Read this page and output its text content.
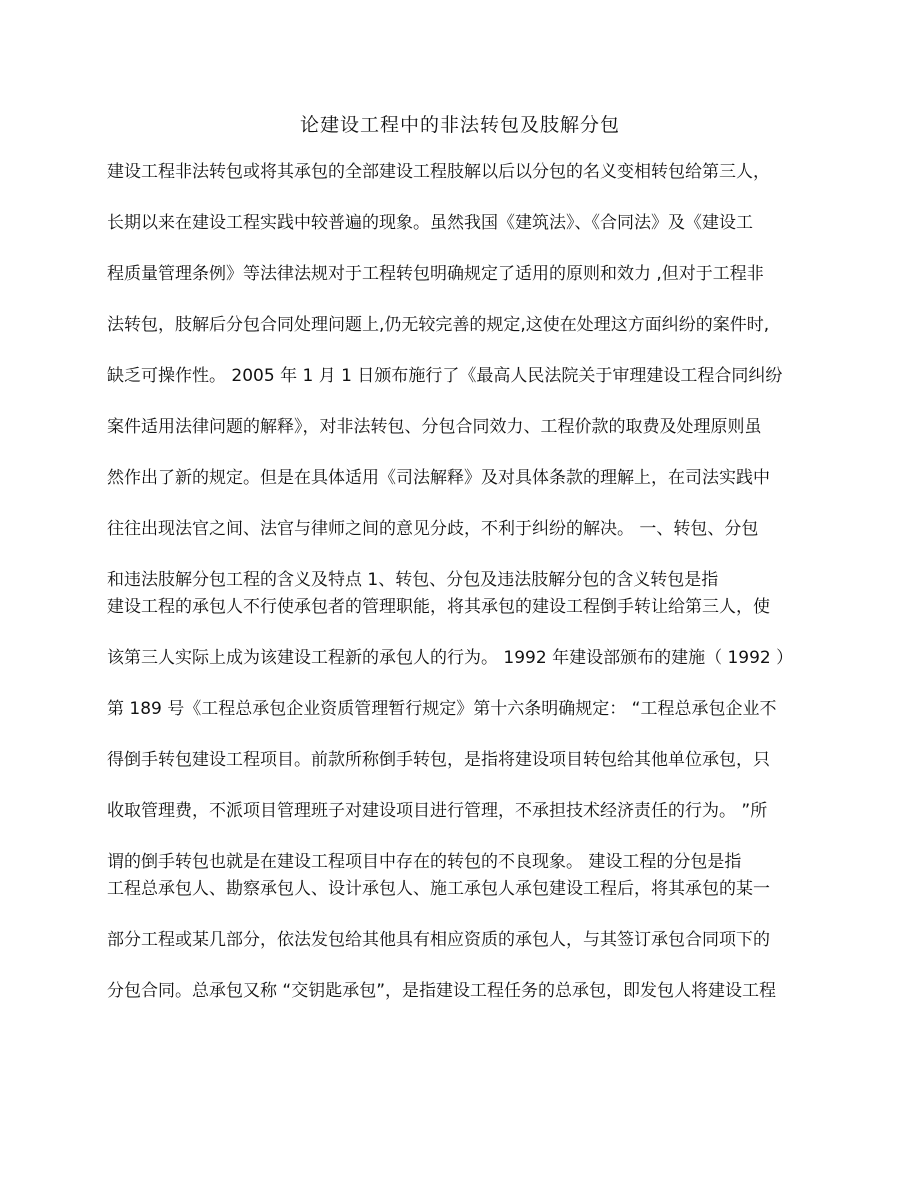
论建设工程中的非法转包及肢解分包

建设工程非法转包或将其承包的全部建设工程肢解以后以分包的名义变相转包给第三人，

长期以来在建设工程实践中较普遍的现象。虽然我国《建筑法》、《合同法》及《建设工

程质量管理条例》等法律法规对于工程转包明确规定了适用的原则和效力 ,但对于工程非

法转包，肢解后分包合同处理问题上,仍无较完善的规定,这使在处理这方面纠纷的案件时,

缺乏可操作性。 2005 年 1 月 1 日颁布施行了《最高人民法院关于审理建设工程合同纠纷

案件适用法律问题的解释》，对非法转包、分包合同效力、工程价款的取费及处理原则虽

然作出了新的规定。但是在具体适用《司法解释》及对具体条款的理解上，在司法实践中

往往出现法官之间、法官与律师之间的意见分歧，不利于纠纷的解决。 一、转包、分包

和违法肢解分包工程的含义及特点 1、转包、分包及违法肢解分包的含义转包是指

建设工程的承包人不行使承包者的管理职能，将其承包的建设工程倒手转让给第三人，使

该第三人实际上成为该建设工程新的承包人的行为。 1992 年建设部颁布的建施（ 1992 ）

第 189 号《工程总承包企业资质管理暂行规定》第十六条明确规定： “工程总承包企业不

得倒手转包建设工程项目。前款所称倒手转包，是指将建设项目转包给其他单位承包，只

收取管理费，不派项目管理班子对建设项目进行管理，不承担技术经济责任的行为。 ”所

谓的倒手转包也就是在建设工程项目中存在的转包的不良现象。 建设工程的分包是指

工程总承包人、勘察承包人、设计承包人、施工承包人承包建设工程后，将其承包的某一

部分工程或某几部分，依法发包给其他具有相应资质的承包人，与其签订承包合同项下的

分包合同。总承包又称 “交钥匙承包”，是指建设工程任务的总承包，即发包人将建设工程
